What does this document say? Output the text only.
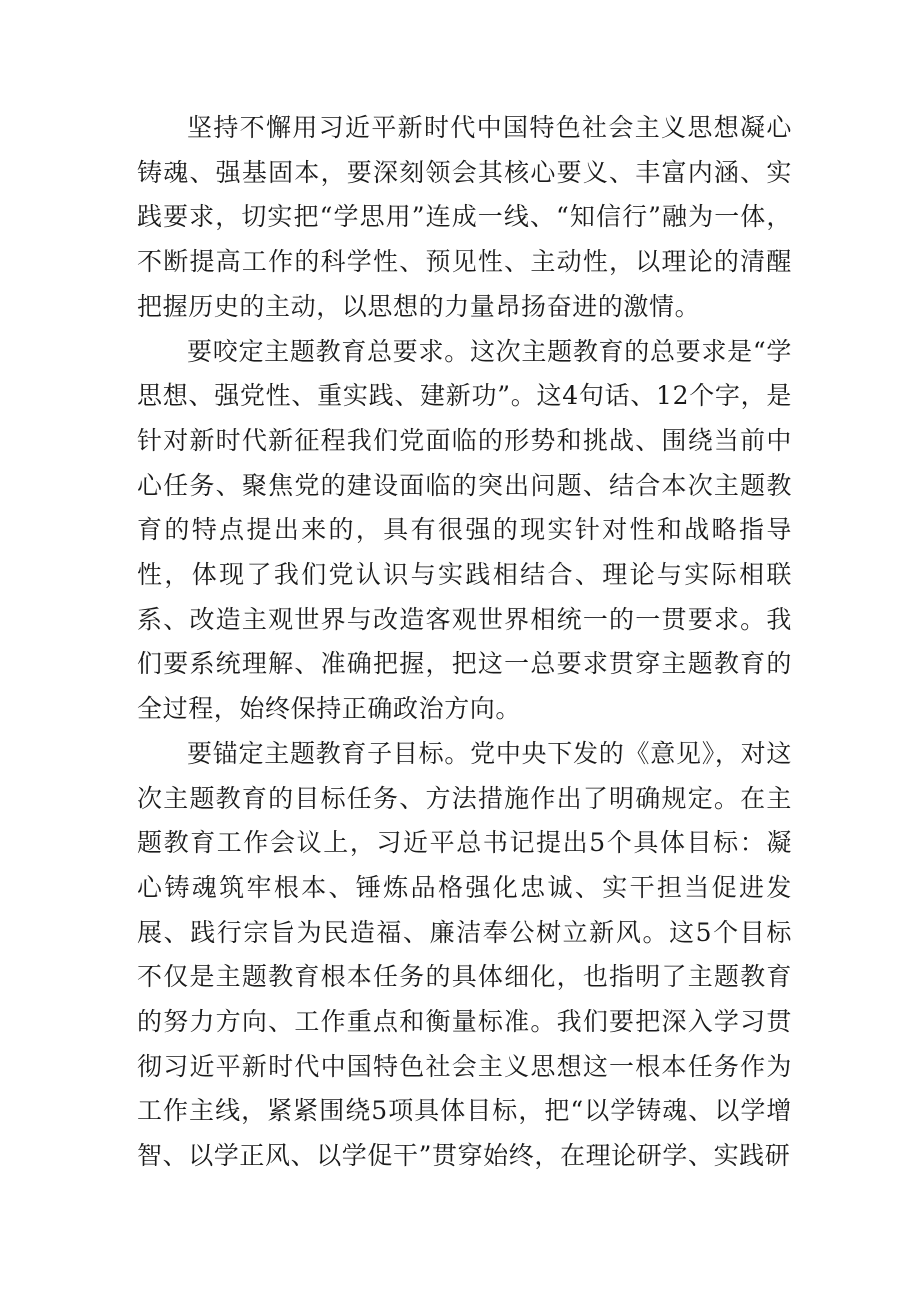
坚持不懈用习近平新时代中国特色社会主义思想凝心铸魂、强基固本，要深刻领会其核心要义、丰富内涵、实践要求，切实把“学思用”连成一线、“知信行”融为一体，不断提高工作的科学性、预见性、主动性，以理论的清醒把握历史的主动，以思想的力量昂扬奋进的激情。

要咬定主题教育总要求。这次主题教育的总要求是“学思想、强党性、重实践、建新功”。这4句话、12个字，是针对新时代新征程我们党面临的形势和挑战、围绕当前中心任务、聚焦党的建设面临的突出问题、结合本次主题教育的特点提出来的，具有很强的现实针对性和战略指导性，体现了我们党认识与实践相结合、理论与实际相联系、改造主观世界与改造客观世界相统一的一贯要求。我们要系统理解、准确把握，把这一总要求贯穿主题教育的全过程，始终保持正确政治方向。

要锚定主题教育子目标。党中央下发的《意见》，对这次主题教育的目标任务、方法措施作出了明确规定。在主题教育工作会议上，习近平总书记提出5个具体目标：凝心铸魂筑牢根本、锤炼品格强化忠诚、实干担当促进发展、践行宗旨为民造福、廉洁奉公树立新风。这5个目标不仅是主题教育根本任务的具体细化，也指明了主题教育的努力方向、工作重点和衡量标准。我们要把深入学习贯彻习近平新时代中国特色社会主义思想这一根本任务作为工作主线，紧紧围绕5项具体目标，把“以学铸魂、以学增智、以学正风、以学促干”贯穿始终，在理论研学、实践研
